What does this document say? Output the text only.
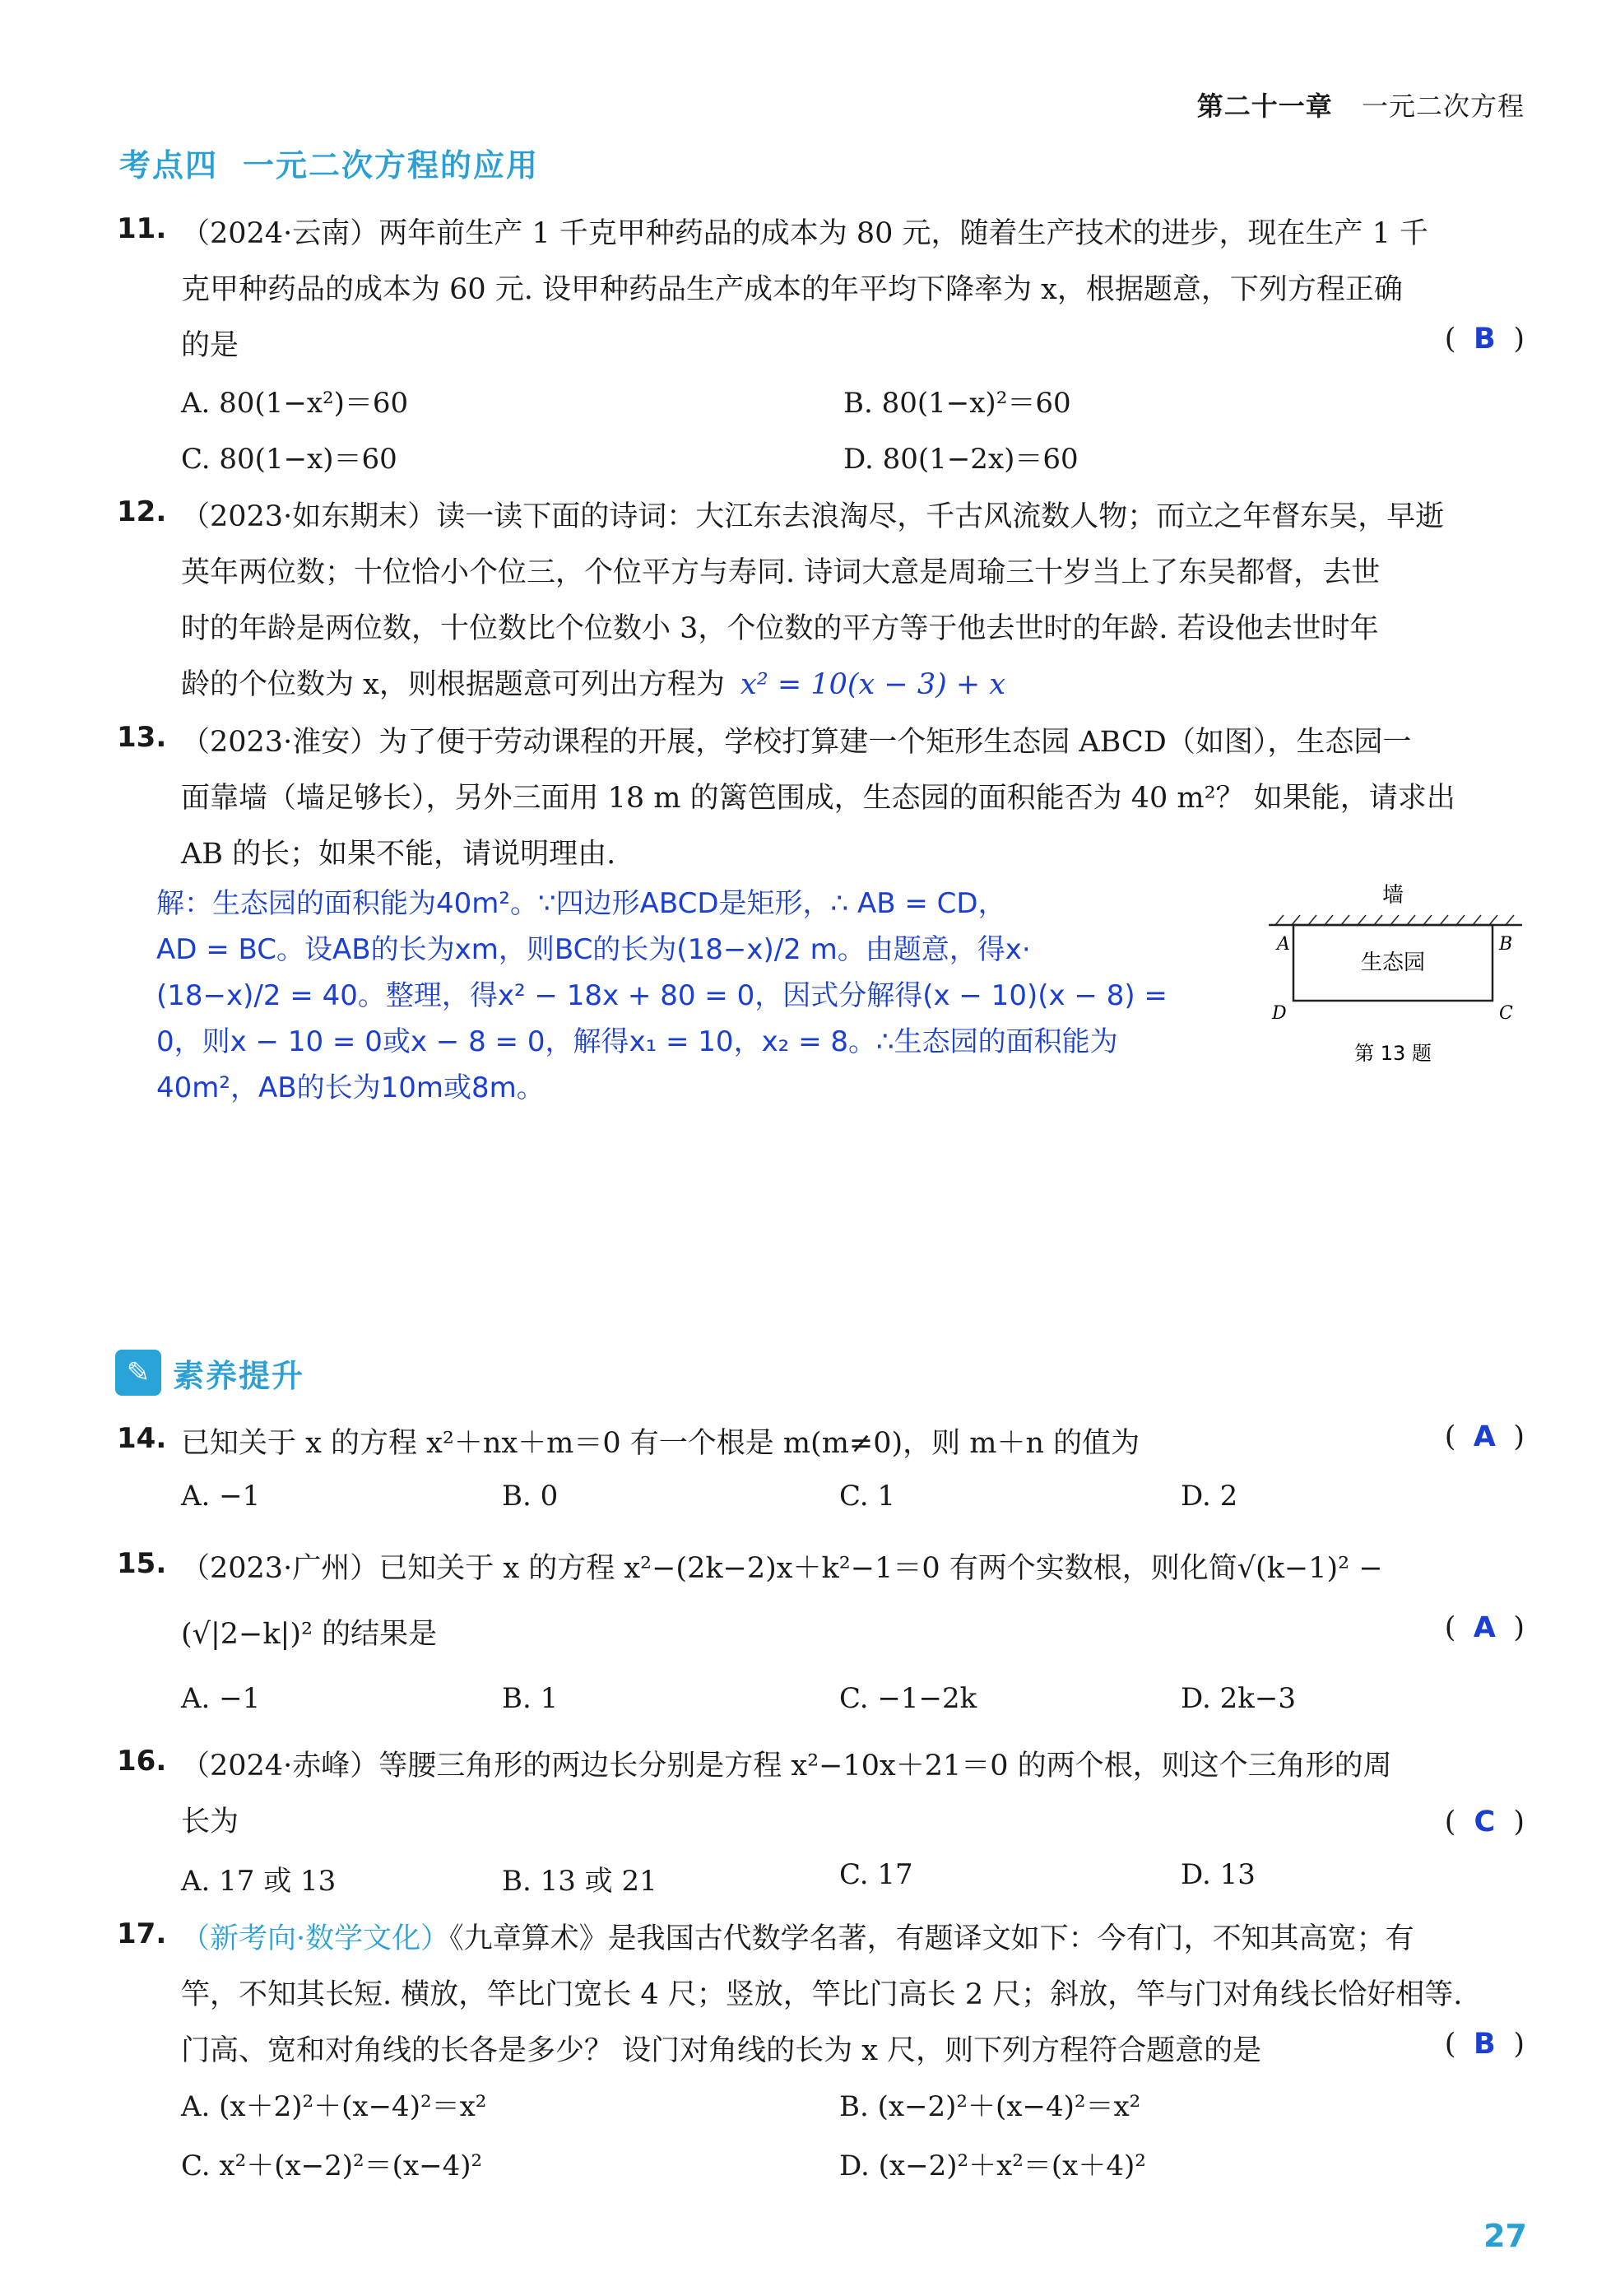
第二十一章 一元二次方程
考点四 一元二次方程的应用
11. （2024·云南）两年前生产 1 千克甲种药品的成本为 80 元，随着生产技术的进步，现在生产 1 千
克甲种药品的成本为 60 元. 设甲种药品生产成本的年平均下降率为 x，根据题意，下列方程正确
的是	( B )
A. 80(1−x²)＝60	B. 80(1−x)²＝60
C. 80(1−x)＝60	D. 80(1−2x)＝60
12. （2023·如东期末）读一读下面的诗词：大江东去浪淘尽，千古风流数人物；而立之年督东吴，早逝
英年两位数；十位恰小个位三，个位平方与寿同. 诗词大意是周瑜三十岁当上了东吴都督，去世
时的年龄是两位数，十位数比个位数小 3，个位数的平方等于他去世时的年龄. 若设他去世时年
龄的个位数为 x，则根据题意可列出方程为 x² = 10(x − 3) + x
13. （2023·淮安）为了便于劳动课程的开展，学校打算建一个矩形生态园 ABCD（如图），生态园一
面靠墙（墙足够长），另外三面用 18 m 的篱笆围成，生态园的面积能否为 40 m²？ 如果能，请求出
AB 的长；如果不能，请说明理由.
解：生态园的面积能为40m²。∵四边形ABCD是矩形，∴ AB = CD，
AD = BC。设AB的长为xm，则BC的长为(18−x)/2 m。由题意，得x·
(18−x)/2 = 40。整理，得x² − 18x + 80 = 0，因式分解得(x − 10)(x − 8) =
0，则x − 10 = 0或x − 8 = 0，解得x₁ = 10，x₂ = 8。∴生态园的面积能为
40m²，AB的长为10m或8m。
墙
生态园
A	B
C
D
第 13 题
✎ 素养提升
14. 已知关于 x 的方程 x²＋nx＋m＝0 有一个根是 m(m≠0)，则 m＋n 的值为	( A )
A. −1	B. 0	C. 1	D. 2
15. （2023·广州）已知关于 x 的方程 x²−(2k−2)x＋k²−1＝0 有两个实数根，则化简√(k−1)² −
(√|2−k|)² 的结果是	( A )
A. −1	B. 1	C. −1−2k	D. 2k−3
16. （2024·赤峰）等腰三角形的两边长分别是方程 x²−10x＋21＝0 的两个根，则这个三角形的周
长为	( C )
A. 17 或 13	B. 13 或 21	C. 17	D. 13
17. （新考向·数学文化）《九章算术》是我国古代数学名著，有题译文如下：今有门，不知其高宽；有
竿，不知其长短. 横放，竿比门宽长 4 尺；竖放，竿比门高长 2 尺；斜放，竿与门对角线长恰好相等.
门高、宽和对角线的长各是多少？ 设门对角线的长为 x 尺，则下列方程符合题意的是	( B )
A. (x＋2)²＋(x−4)²＝x²	B. (x−2)²＋(x−4)²＝x²
C. x²＋(x−2)²＝(x−4)²	D. (x−2)²＋x²＝(x＋4)²
27
